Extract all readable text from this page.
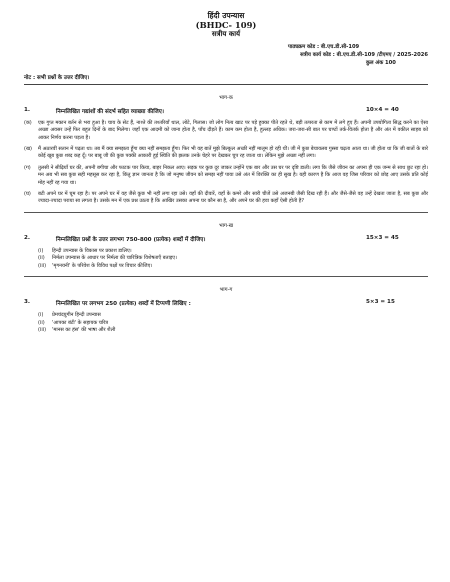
हिंदी उपन्यास
(BHDC- 109)
सत्रीय कार्य
पाठ्यक्रम कोड : बी.एच.डी.सी-109
सत्रीय कार्य कोड : बी.एच.डी.सी-109 /टीएमए / 2025-2026
कुल अंक 100
नोट : सभी प्रश्नों के उत्तर दीजिए।
भाग-क
1.	निम्नलिखित गद्यांशों की संदर्भ सहित व्याख्या कीजिए।	10×4 = 40
(क)	एक गुप्त मकान बर्तन से भरा हुआ है। चाय के सेट हैं, नाश्ते की तश्तरियाँ थाल, लोटे, गिलास। जो लोग नित्य खाट पर पड़े हुक्का पीते रहते थे, बड़ी तत्परता से काम में लगे हुए हैं। अपनी उपयोगिता सिद्ध करने का ऐसा अच्छा अवसर उन्हें फिर बहुत दिनों के बाद मिलेगा। जहाँ एक आदमी को जाना होता है, पाँच दौड़ते हैं। काम कम होता है, हुल्लड़ अधिक। जरा-जरा-सी बात पर घण्टों तर्क-वितर्क होता है और अंत में वकील साहब को आकर निर्णय करना पड़ता है।
(ख)	मैं अठारवीं सतान में पढ़ता था। तब मैं क्या समझता हूँगा क्या नहीं समझता हूँगा। फिर भी वह बातें मुझे बिल्कुल अच्छी नहीं मालूम हो रही थीं। जी में कुछ बेचायलब गुस्सा चढ़ता आता था। जी होता था कि जी बातों के बारे कोई खूब कुछ शब्द कह दूँ। पर बाबू जी की कुछ पक्की आकारी हुई स्थिति की झलक उनके चेहरे पर देखकर चुप रह जाता था। लेकिन मुझे अच्छा नहीं लगा।
(ग)	तुलसी ने सीढ़ियाँ घर की, अपनी बगीचा और फाटक पार किया, बाहर निकल आए। सड़क पर कुछ दूर जाकर उन्होंने एक बार और उस घर पर दृष्टि डाली। लगा कि जैसे जीवन का अपना ही एक जन्म से साथ छूट रहा हो। मन अब भी सब कुछ सही महसूस कर रहा है, किंतु ज्ञान जानता है कि जो मनुष्य जीवन को समझ नहीं पाया उसे अंत में विरक्ति का ही सुख है। यही कारण है कि आज वह जिस परिवार को छोड़ आए उसके प्रति कोई मोह नहीं रह गया था।
(घ)	बटी अपने घर में घूम रहा है। पर अपने घर में वह जैसे कुछ भी नहीं लगा रहा उसे। वहाँ की दीवारें, वहाँ के कमरे और सारी चीजें उसे अजनबी जैसी दिख रही हैं। और जैसे-जैसे वह उन्हें देखता जाता है, सब कुछ और ज्यादा-ज्यादा पराया सा लगता है। उसके मन में एक प्रश्न उठता है कि आखिर उसका अपना घर कौन सा है, और अपने घर की हवा कहाँ ऐसी होती है?
भाग-ख
2.	निम्नलिखित प्रश्नों के उत्तर लगभग 750-800 (प्रत्येक) शब्दों में दीजिए।	15×3 = 45
(i)	हिन्दी उपन्यास के विकास पर प्रकाश डालिए।
(ii)	निर्मला उपन्यास के आधार पर निर्मला की चारित्रिक विशेषताएँ बताइए।
(iii)	'मृगनयनी' के परिवेश के विविध पक्षों पर विचार कीजिए।
भाग-ग
3.	निम्नलिखित पर लगभग 250 (प्रत्येक) शब्दों में टिप्पणी लिखिए :	5×3 = 15
(i)	प्रेमचंदयुगीन हिन्दी उपन्यास
(ii)	'आपका बंटी' के सहायक चरित्र
(iii)	'मानस का हंस' की भाषा और शैली
